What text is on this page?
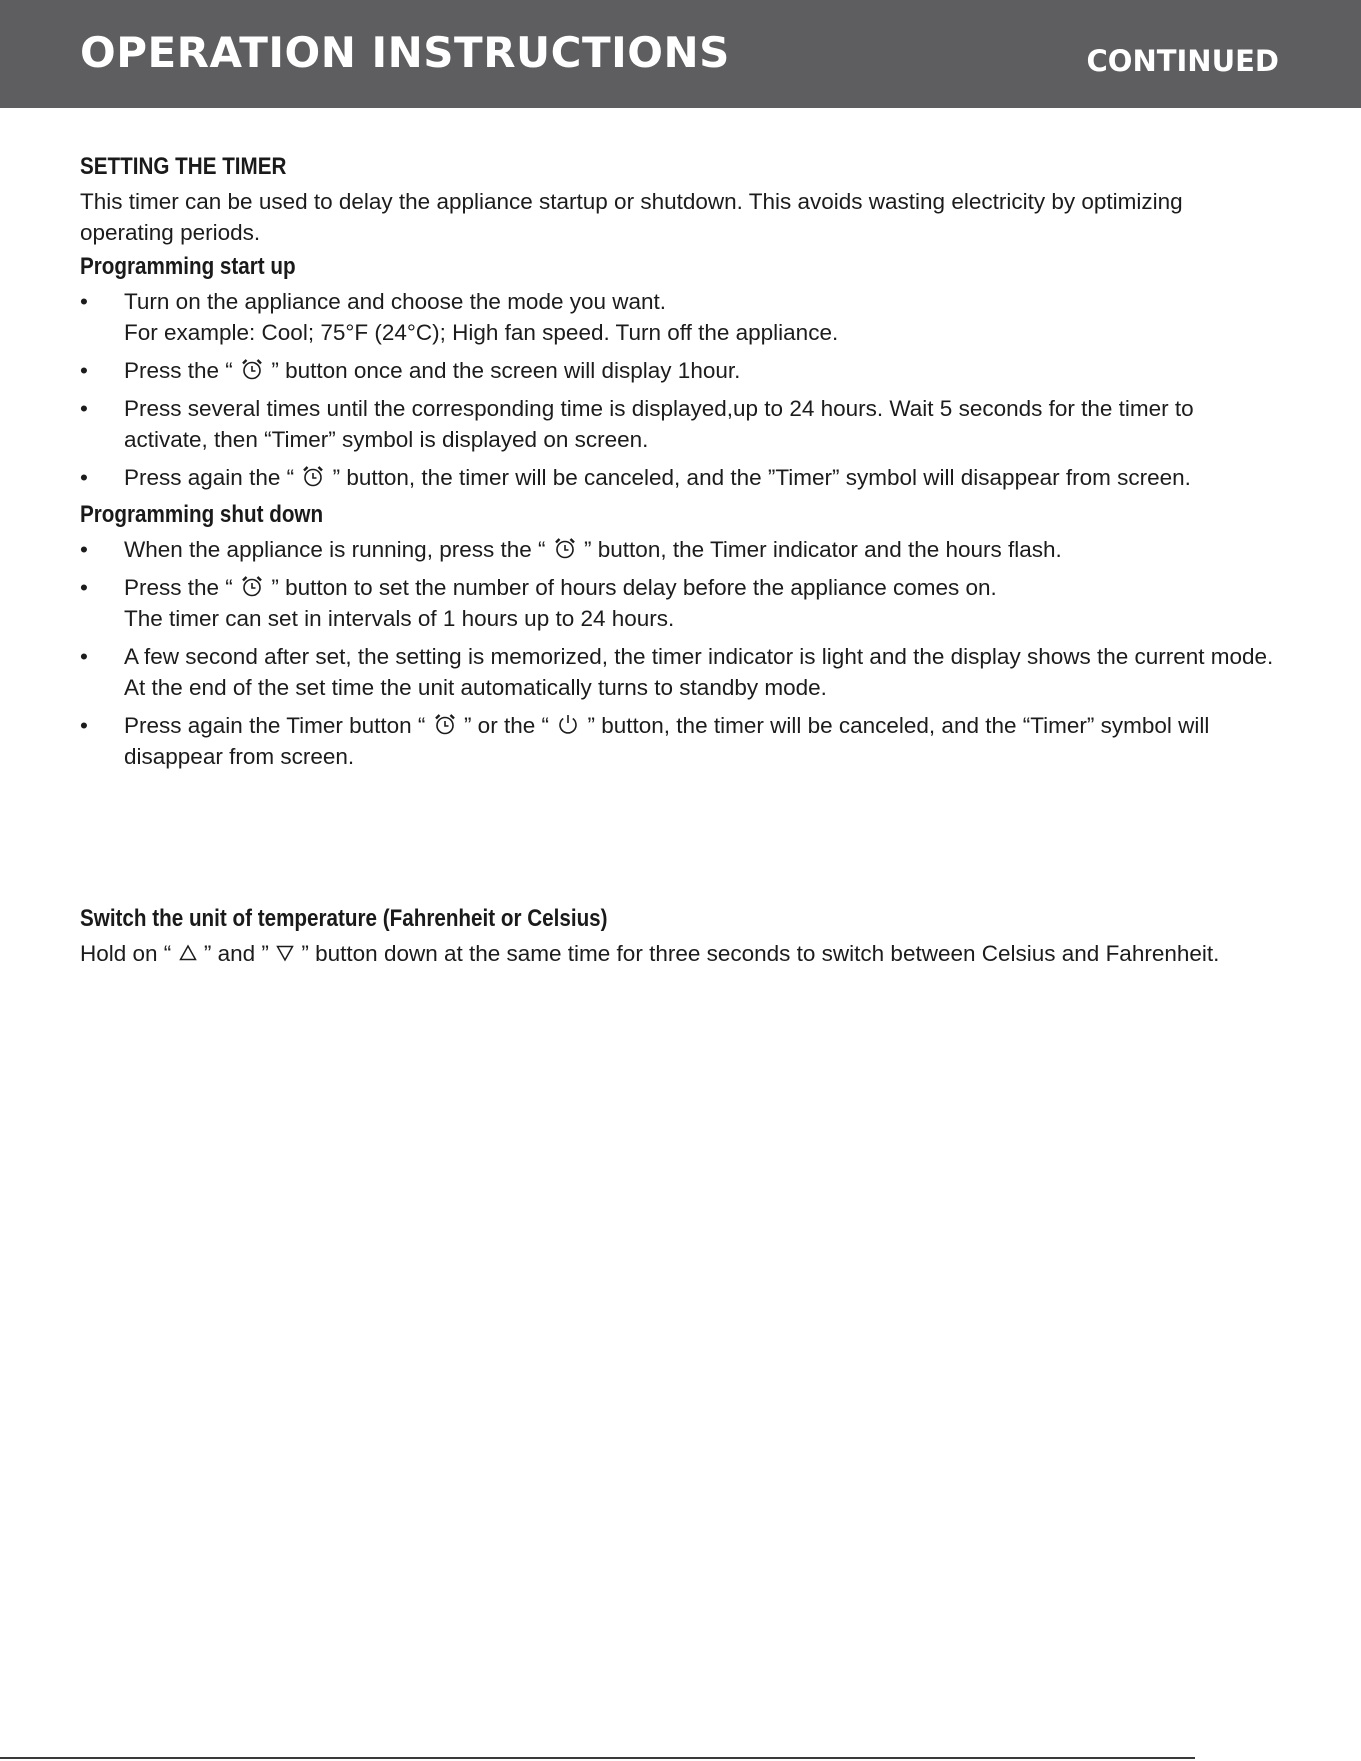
OPERATION INSTRUCTIONS	CONTINUED
SETTING THE TIMER

This timer can be used to delay the appliance startup or shutdown. This avoids wasting electricity by optimizing operating periods.

Programming start up
• Turn on the appliance and choose the mode you want.
For example: Cool; 75°F (24°C); High fan speed. Turn off the appliance.
• Press the “ ” button once and the screen will display 1hour.
• Press several times until the corresponding time is displayed,up to 24 hours. Wait 5 seconds for the timer to activate, then “Timer” symbol is displayed on screen.
• Press again the “ ” button, the timer will be canceled, and the ”Timer” symbol will disappear from screen.
Programming shut down
• When the appliance is running, press the “ ” button, the Timer indicator and the hours flash.
• Press the “ ” button to set the number of hours delay before the appliance comes on.
The timer can set in intervals of 1 hours up to 24 hours.
• A few second after set, the setting is memorized, the timer indicator is light and the display shows the current mode. At the end of the set time the unit automatically turns to standby mode.
• Press again the Timer button “ ” or the “ ” button, the timer will be canceled, and the “Timer” symbol will disappear from screen.
Switch the unit of temperature (Fahrenheit or Celsius)

Hold on “ ” and ” ” button down at the same time for three seconds to switch between Celsius and Fahrenheit.
